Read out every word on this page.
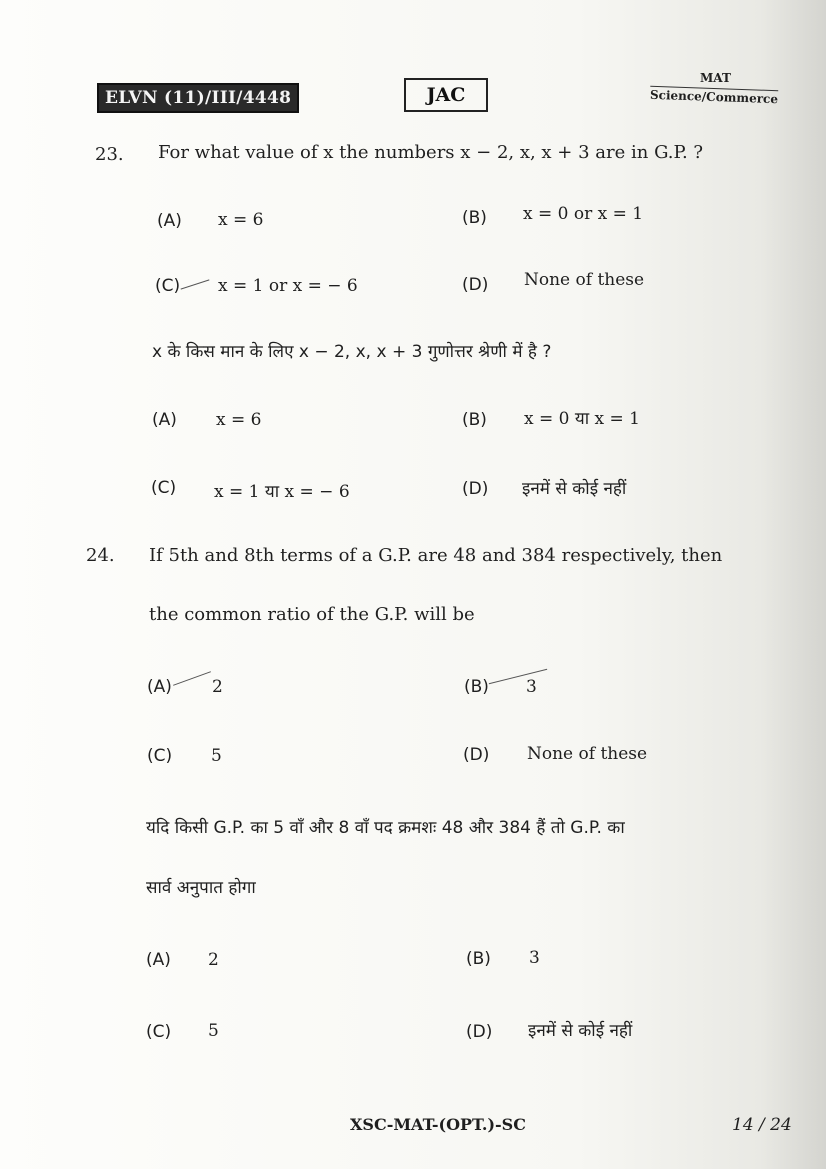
ELVN (11)/III/4448	JAC
MAT
Science/Commerce
23. For what value of x the numbers x − 2, x, x + 3 are in G.P. ?
(A) x = 6	(B) x = 0 or x = 1
(C) x = 1 or x = − 6	(D) None of these
x के किस मान के लिए x − 2, x, x + 3 गुणोत्तर श्रेणी में है ?
(A) x = 6	(B) x = 0 या x = 1
(C) x = 1 या x = − 6	(D) इनमें से कोई नहीं
24. If 5th and 8th terms of a G.P. are 48 and 384 respectively, then
the common ratio of the G.P. will be
(A) 2	(B) 3
(C) 5	(D) None of these
यदि किसी G.P. का 5 वाँ और 8 वाँ पद क्रमशः 48 और 384 हैं तो G.P. का
सार्व अनुपात होगा
(A) 2	(B) 3
(C) 5	(D) इनमें से कोई नहीं
XSC-MAT-(OPT.)-SC	14 / 24
